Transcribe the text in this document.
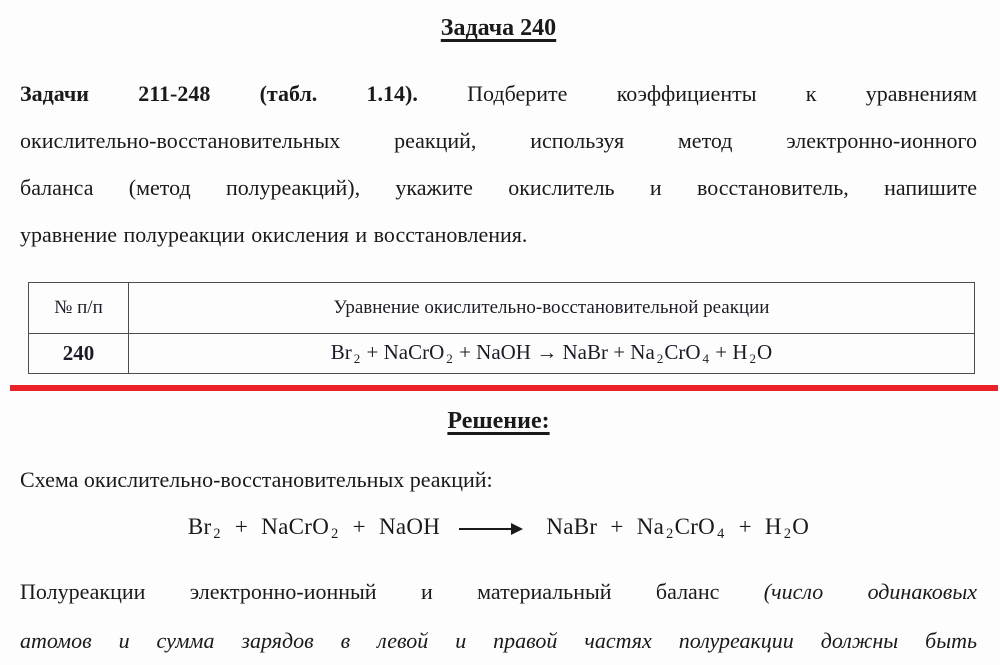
Задача 240
Задачи 211-248 (табл. 1.14). Подберите коэффициенты к уравнениям
окислительно-восстановительных реакций, используя метод электронно-ионного
баланса (метод полуреакций), укажите окислитель и восстановитель, напишите
уравнение полуреакции окисления и восстановления.
№ п/п	Уравнение окислительно-восстановительной реакции
240	Br $_2$ + NaCrO $_2$ + NaOH → NaBr + Na $_2$CrO $_4$ + H $_2$O
Решение:
Схема окислительно-восстановительных реакций:
Br $_2$ + NaCrO $_2$ + NaOH → NaBr + Na $_2$CrO $_4$ + H $_2$O
Полуреакции электронно-ионный и материальный баланс (число одинаковых
атомов и сумма зарядов в левой и правой частях полуреакции должны быть
